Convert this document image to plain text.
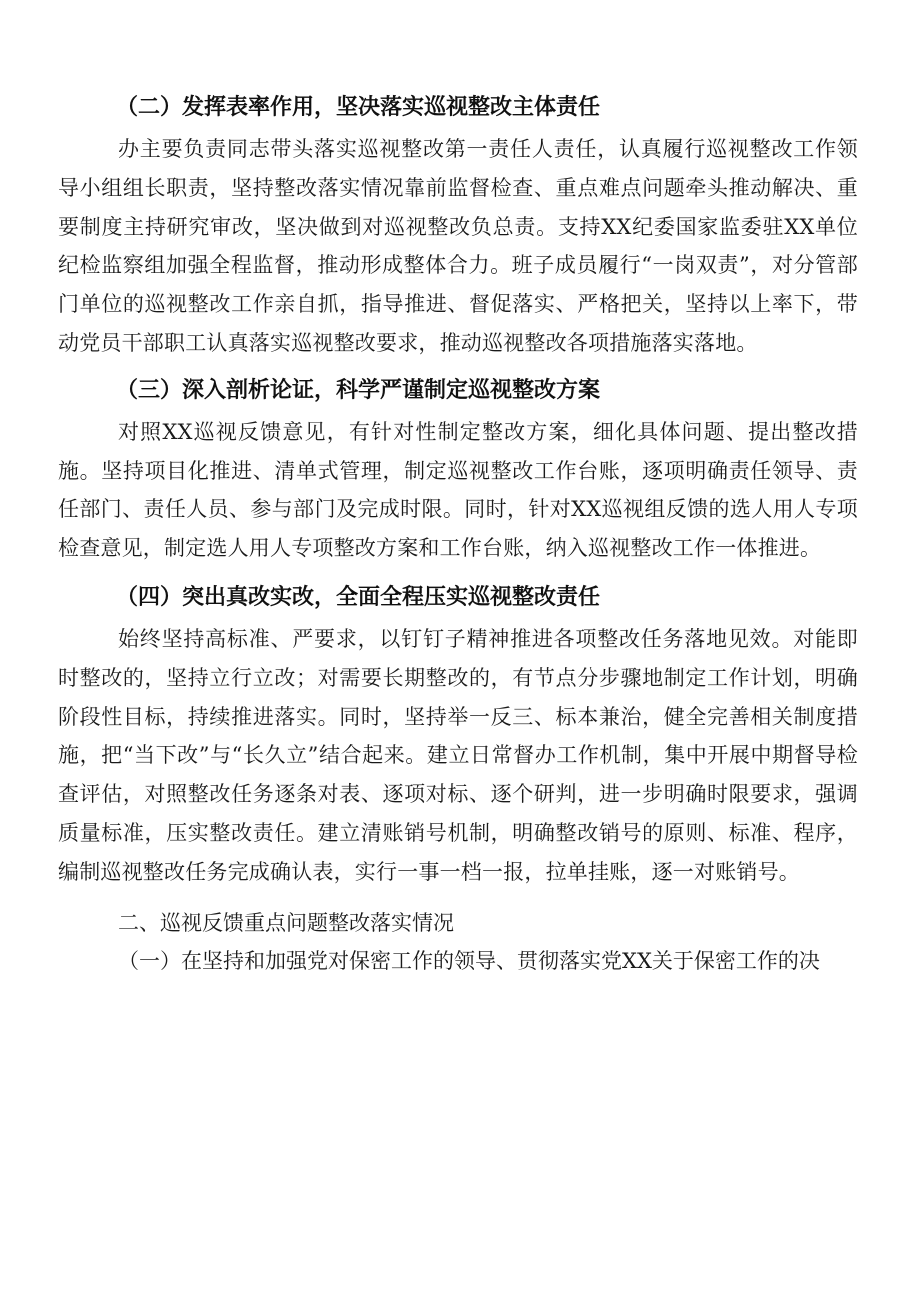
（二）发挥表率作用，坚决落实巡视整改主体责任

办主要负责同志带头落实巡视整改第一责任人责任，认真履行巡视整改工作领导小组组长职责，坚持整改落实情况靠前监督检查、重点难点问题牵头推动解决、重要制度主持研究审改，坚决做到对巡视整改负总责。支持XX纪委国家监委驻XX单位纪检监察组加强全程监督，推动形成整体合力。班子成员履行“一岗双责”，对分管部门单位的巡视整改工作亲自抓，指导推进、督促落实、严格把关，坚持以上率下，带动党员干部职工认真落实巡视整改要求，推动巡视整改各项措施落实落地。

（三）深入剖析论证，科学严谨制定巡视整改方案

对照XX巡视反馈意见，有针对性制定整改方案，细化具体问题、提出整改措施。坚持项目化推进、清单式管理，制定巡视整改工作台账，逐项明确责任领导、责任部门、责任人员、参与部门及完成时限。同时，针对XX巡视组反馈的选人用人专项检查意见，制定选人用人专项整改方案和工作台账，纳入巡视整改工作一体推进。

（四）突出真改实改，全面全程压实巡视整改责任

始终坚持高标准、严要求，以钉钉子精神推进各项整改任务落地见效。对能即时整改的，坚持立行立改；对需要长期整改的，有节点分步骤地制定工作计划，明确阶段性目标，持续推进落实。同时，坚持举一反三、标本兼治，健全完善相关制度措施，把“当下改”与“长久立”结合起来。建立日常督办工作机制，集中开展中期督导检查评估，对照整改任务逐条对表、逐项对标、逐个研判，进一步明确时限要求，强调质量标准，压实整改责任。建立清账销号机制，明确整改销号的原则、标准、程序，编制巡视整改任务完成确认表，实行一事一档一报，拉单挂账，逐一对账销号。

二、巡视反馈重点问题整改落实情况

（一）在坚持和加强党对保密工作的领导、贯彻落实党XX关于保密工作的决
